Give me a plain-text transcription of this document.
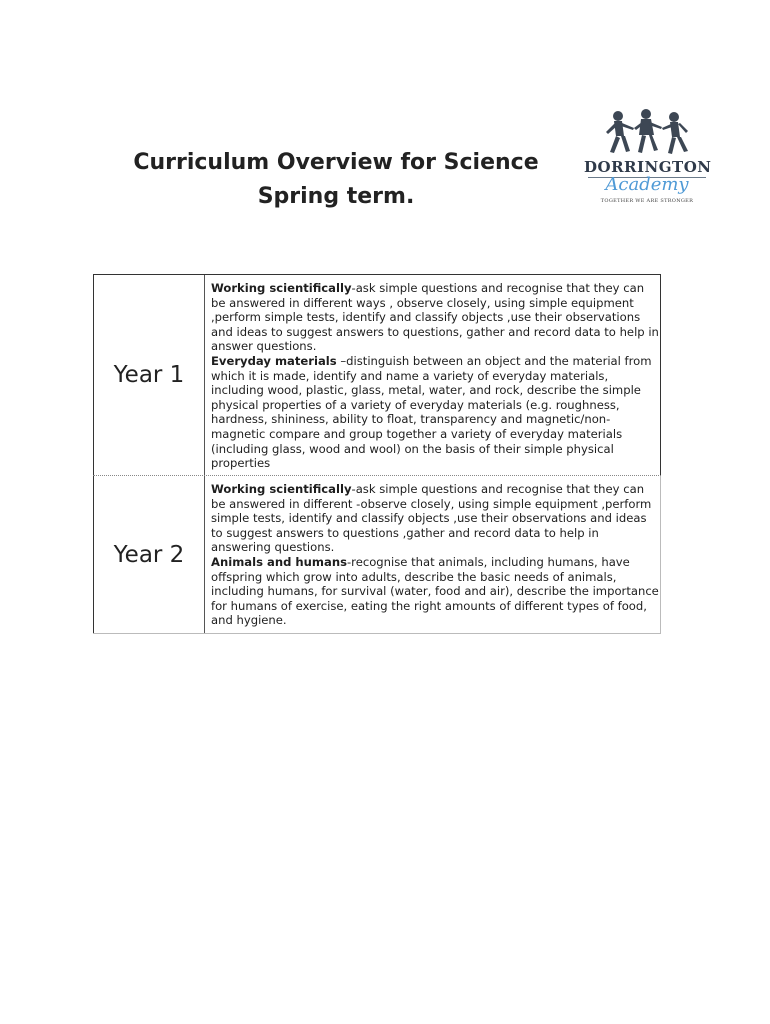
Curriculum Overview for Science
Spring term.
DORRINGTON
Academy
TOGETHER WE ARE STRONGER
Year 1
Working scientifically-ask simple questions and recognise that they can be answered in different ways , observe closely, using simple equipment ,perform simple tests, identify and classify objects ,use their observations and ideas to suggest answers to questions, gather and record data to help in answer questions.
Everyday materials –distinguish between an object and the material from which it is made, identify and name a variety of everyday materials, including wood, plastic, glass, metal, water, and rock, describe the simple physical properties of a variety of everyday materials (e.g. roughness, hardness, shininess, ability to float, transparency and magnetic/non-magnetic compare and group together a variety of everyday materials (including glass, wood and wool) on the basis of their simple physical properties
Year 2
Working scientifically-ask simple questions and recognise that they can be answered in different -observe closely, using simple equipment ,perform simple tests, identify and classify objects ,use their observations and ideas to suggest answers to questions ,gather and record data to help in answering questions.
Animals and humans-recognise that animals, including humans, have offspring which grow into adults, describe the basic needs of animals, including humans, for survival (water, food and air), describe the importance for humans of exercise, eating the right amounts of different types of food, and hygiene.
